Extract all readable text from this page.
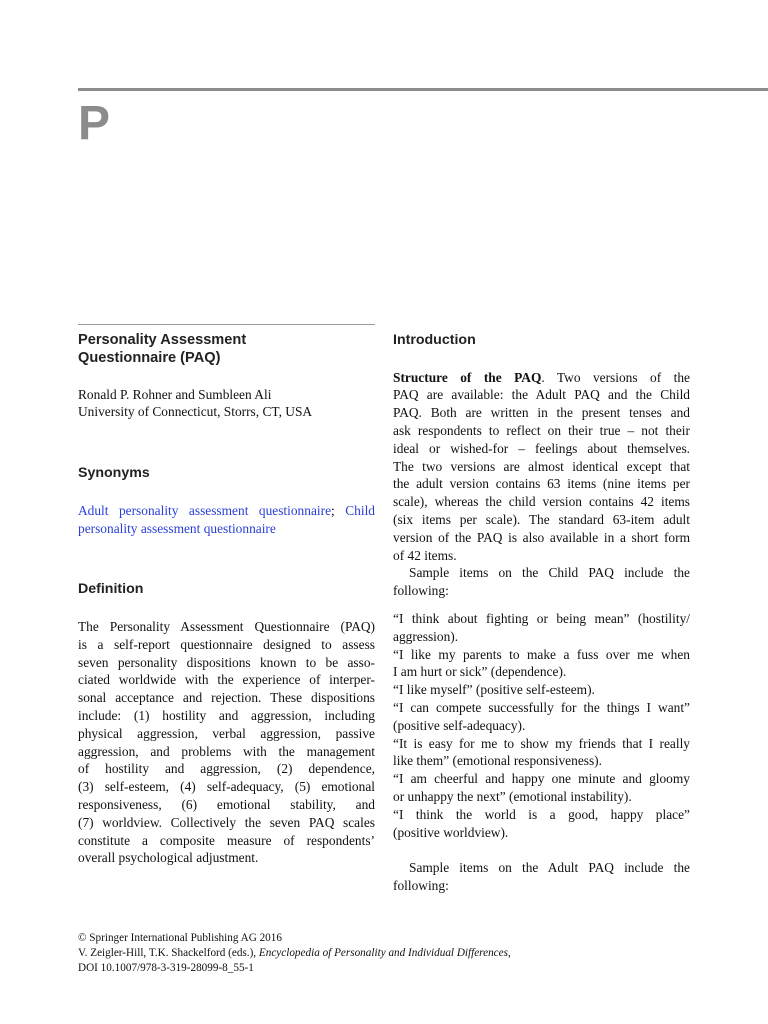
P
Personality Assessment
Questionnaire (PAQ)
Ronald P. Rohner and Sumbleen Ali
University of Connecticut, Storrs, CT, USA
Synonyms
Adult personality assessment questionnaire; Child
personality assessment questionnaire
Definition
The Personality Assessment Questionnaire (PAQ)
is a self-report questionnaire designed to assess
seven personality dispositions known to be asso-
ciated worldwide with the experience of interper-
sonal acceptance and rejection. These dispositions
include: (1) hostility and aggression, including
physical aggression, verbal aggression, passive
aggression, and problems with the management
of hostility and aggression, (2) dependence,
(3) self-esteem, (4) self-adequacy, (5) emotional
responsiveness, (6) emotional stability, and
(7) worldview. Collectively the seven PAQ scales
constitute a composite measure of respondents’
overall psychological adjustment.
Introduction
Structure of the PAQ. Two versions of the
PAQ are available: the Adult PAQ and the Child
PAQ. Both are written in the present tenses and
ask respondents to reflect on their true – not their
ideal or wished-for – feelings about themselves.
The two versions are almost identical except that
the adult version contains 63 items (nine items per
scale), whereas the child version contains 42 items
(six items per scale). The standard 63-item adult
version of the PAQ is also available in a short form
of 42 items.
Sample items on the Child PAQ include the
following:
“I think about fighting or being mean” (hostility/
aggression).
“I like my parents to make a fuss over me when
I am hurt or sick” (dependence).
“I like myself” (positive self-esteem).
“I can compete successfully for the things I want”
(positive self-adequacy).
“It is easy for me to show my friends that I really
like them” (emotional responsiveness).
“I am cheerful and happy one minute and gloomy
or unhappy the next” (emotional instability).
“I think the world is a good, happy place”
(positive worldview).
Sample items on the Adult PAQ include the
following:
© Springer International Publishing AG 2016
V. Zeigler-Hill, T.K. Shackelford (eds.), Encyclopedia of Personality and Individual Differences,
DOI 10.1007/978-3-319-28099-8_55-1
